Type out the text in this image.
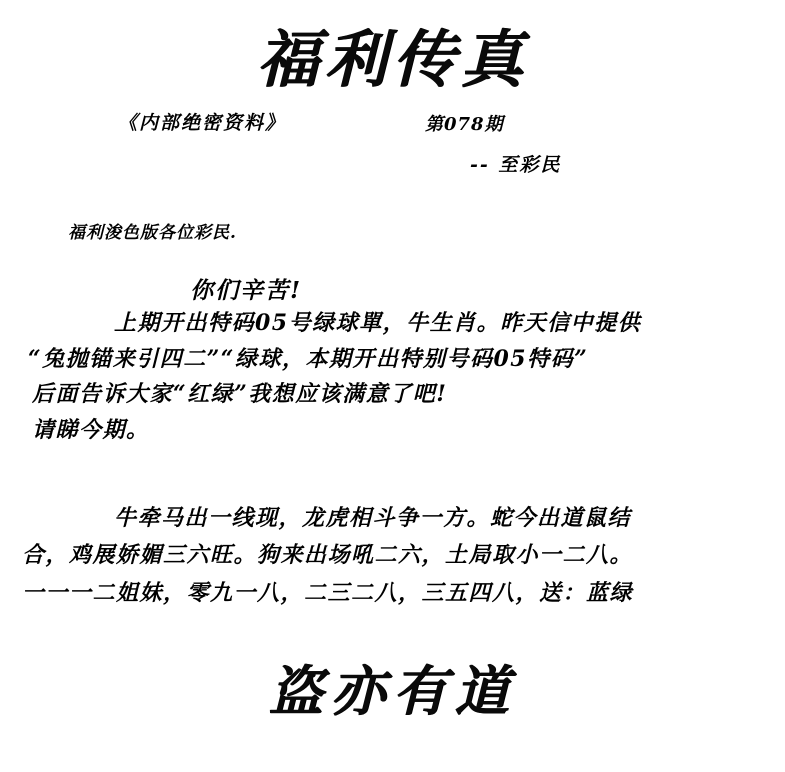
福利传真
《内部绝密资料》	第078期
-- 至彩民
福利浚色版各位彩民.
你们辛苦!
上期开出特码05号绿球單，牛生肖。昨天信中提供
“兔抛锚来引四二”“绿球，本期开出特别号码05特码”
后面告诉大家“红绿”我想应该满意了吧!
请睇今期。
牛牵马出一线现，龙虎相斗争一方。蛇今出道鼠结
合，鸡展娇媚三六旺。狗来出场吼二六，土局取小一二八。
一一一二姐妹，零九一八，二三二八，三五四八，送：蓝绿
盗亦有道
